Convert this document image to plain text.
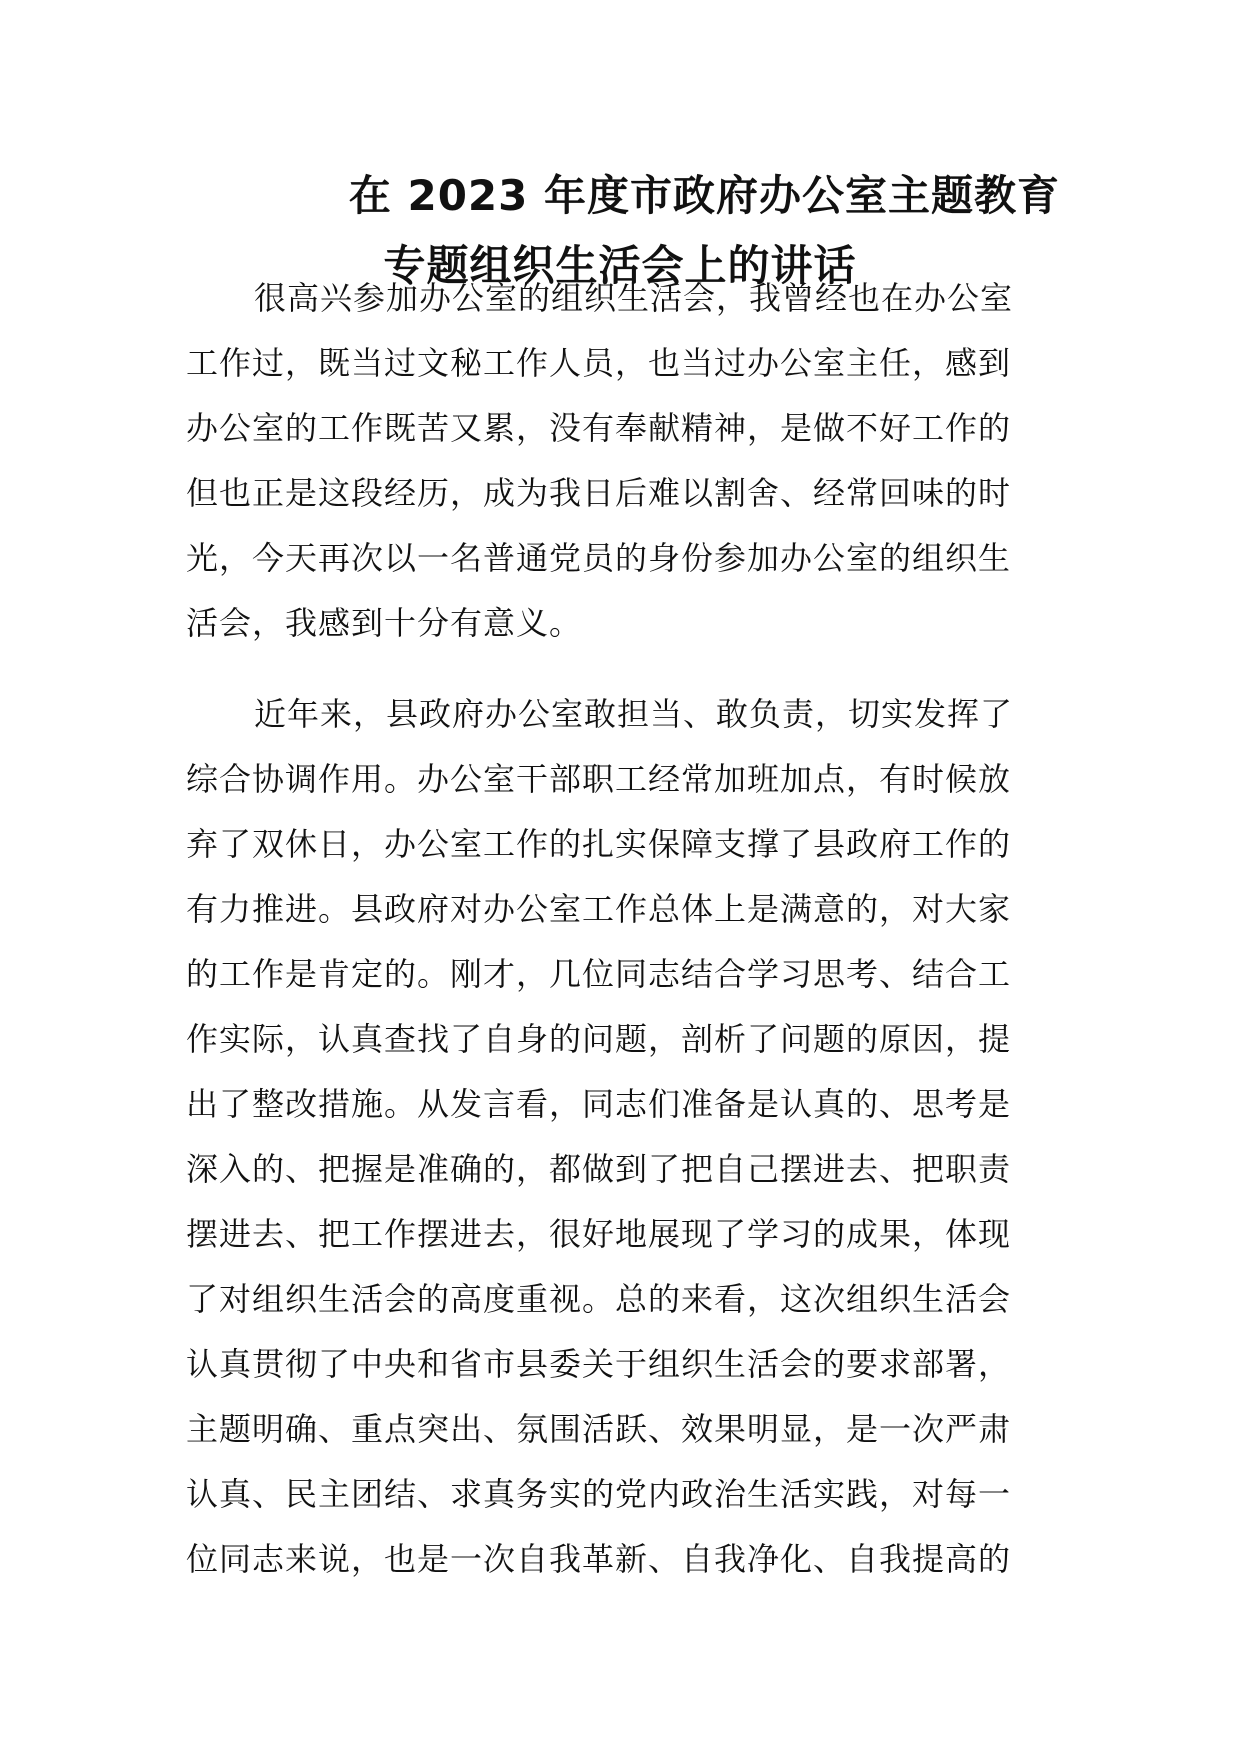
在 2023 年度市政府办公室主题教育
专题组织生活会上的讲话
很高兴参加办公室的组织生活会，我曾经也在办公室
工作过，既当过文秘工作人员，也当过办公室主任，感到
办公室的工作既苦又累，没有奉献精神，是做不好工作的
但也正是这段经历，成为我日后难以割舍、经常回味的时
光，今天再次以一名普通党员的身份参加办公室的组织生
活会，我感到十分有意义。
近年来，县政府办公室敢担当、敢负责，切实发挥了
综合协调作用。办公室干部职工经常加班加点，有时候放
弃了双休日，办公室工作的扎实保障支撑了县政府工作的
有力推进。县政府对办公室工作总体上是满意的，对大家
的工作是肯定的。刚才，几位同志结合学习思考、结合工
作实际，认真查找了自身的问题，剖析了问题的原因，提
出了整改措施。从发言看，同志们准备是认真的、思考是
深入的、把握是准确的，都做到了把自己摆进去、把职责
摆进去、把工作摆进去，很好地展现了学习的成果，体现
了对组织生活会的高度重视。总的来看，这次组织生活会
认真贯彻了中央和省市县委关于组织生活会的要求部署，
主题明确、重点突出、氛围活跃、效果明显，是一次严肃
认真、民主团结、求真务实的党内政治生活实践，对每一
位同志来说，也是一次自我革新、自我净化、自我提高的
